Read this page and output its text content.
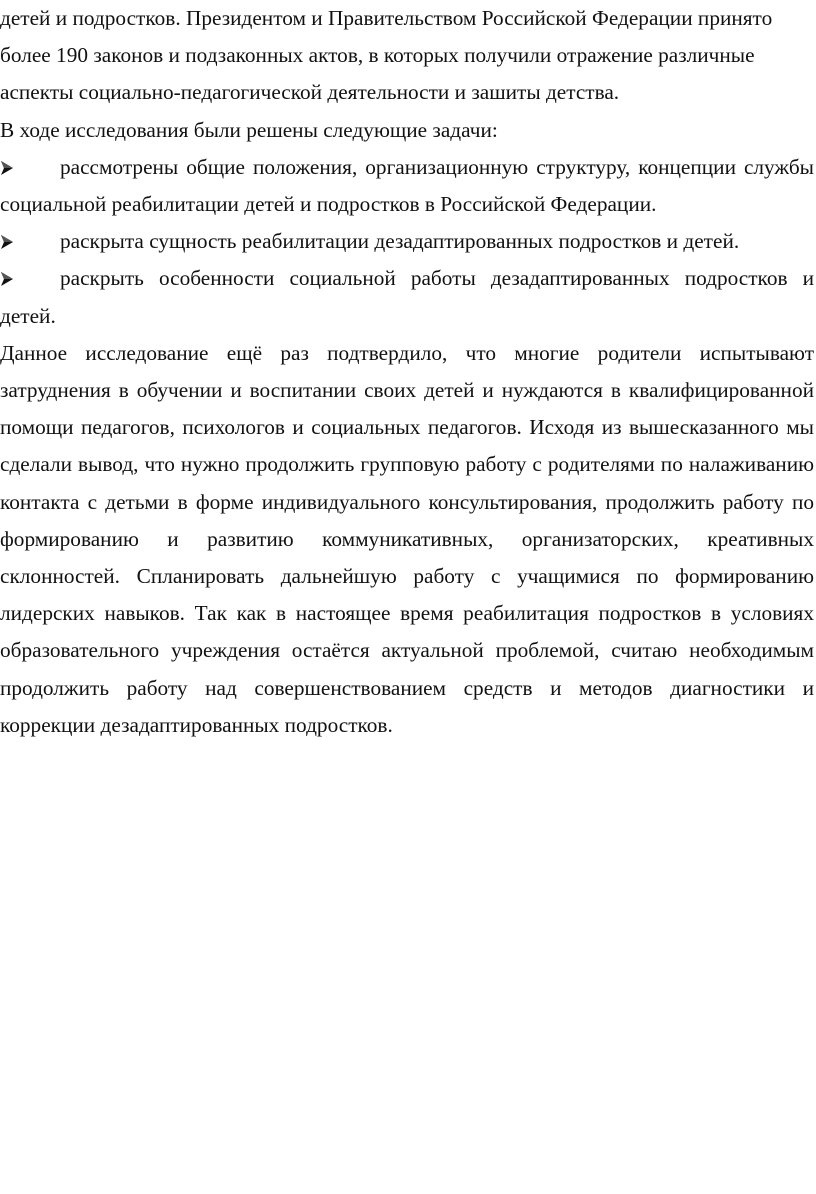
детей и подростков. Президентом и Правительством Российской Федерации принято более 190 законов и подзаконных актов, в которых получили отражение различные аспекты социально-педагогической деятельности и зашиты детства.

В ходе исследования были решены следующие задачи:

рассмотрены общие положения, организационную структуру, концепции службы социальной реабилитации детей и подростков в Российской Федерации.

раскрыта сущность реабилитации дезадаптированных подростков и детей.

раскрыть особенности социальной работы дезадаптированных подростков и детей.

Данное исследование ещё раз подтвердило, что многие родители испытывают затруднения в обучении и воспитании своих детей и нуждаются в квалифицированной помощи педагогов, психологов и социальных педагогов. Исходя из вышесказанного мы сделали вывод, что нужно продолжить групповую работу с родителями по налаживанию контакта с детьми в форме индивидуального консультирования, продолжить работу по формированию и развитию коммуникативных, организаторских, креативных склонностей. Спланировать дальнейшую работу с учащимися по формированию лидерских навыков. Так как в настоящее время реабилитация подростков в условиях образовательного учреждения остаётся актуальной проблемой, считаю необходимым продолжить работу над совершенствованием средств и методов диагностики и коррекции дезадаптированных подростков.
